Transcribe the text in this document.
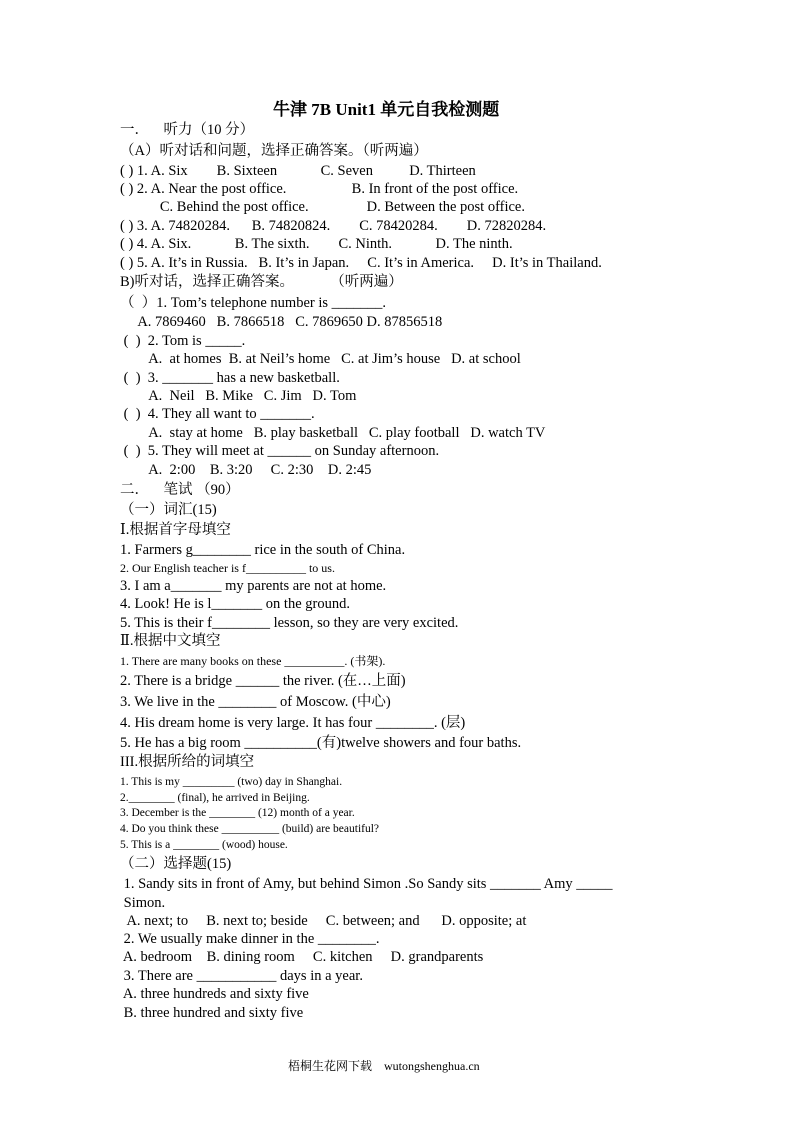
牛津 7B Unit1 单元自我检测题
一．    听力（10 分）
（A）听对话和问题，选择正确答案。（听两遍）
( ) 1. A. Six        B. Sixteen            C. Seven          D. Thirteen
( ) 2. A. Near the post office.                  B. In front of the post office.
C. Behind the post office.                D. Between the post office.
( ) 3. A. 74820284.      B. 74820824.        C. 78420284.        D. 72820284.
( ) 4. A. Six.            B. The sixth.        C. Ninth.            D. The ninth.
( ) 5. A. It’s in Russia.   B. It’s in Japan.     C. It’s in America.     D. It’s in Thailand.
B)听对话，选择正确答案。          （听两遍）
（  ）1. Tom’s telephone number is _______.
A. 7869460   B. 7866518   C. 7869650 D. 87856518
(  )  2. Tom is _____.
A.  at homes  B. at Neil’s home   C. at Jim’s house   D. at school
(  )  3. _______ has a new basketball.
A.  Neil   B. Mike   C. Jim   D. Tom
(  )  4. They all want to _______.
A.  stay at home   B. play basketball   C. play football   D. watch TV
(  )  5. They will meet at ______ on Sunday afternoon.
A.  2:00    B. 3:20     C. 2:30    D. 2:45
二．    笔试 （90）
（一）词汇(15)
Ⅰ.根据首字母填空
1. Farmers g________ rice in the south of China.
2. Our English teacher is f__________ to us.
3. I am a_______ my parents are not at home.
4. Look! He is l_______ on the ground.
5. This is their f________ lesson, so they are very excited.
Ⅱ.根据中文填空
1. There are many books on these __________. (书架).
2. There is a bridge ______ the river. (在…上面)
3. We live in the ________ of Moscow. (中心)
4. His dream home is very large. It has four ________. (层)
5. He has a big room __________(有)twelve showers and four baths.
III.根据所给的词填空
1. This is my _________ (two) day in Shanghai.
2.________ (final), he arrived in Beijing.
3. December is the ________ (12) month of a year.
4. Do you think these __________ (build) are beautiful?
5. This is a ________ (wood) house.
（二）选择题(15)
1. Sandy sits in front of Amy, but behind Simon .So Sandy sits _______ Amy _____
Simon.
A. next; to     B. next to; beside     C. between; and      D. opposite; at
2. We usually make dinner in the ________.
A. bedroom    B. dining room     C. kitchen     D. grandparents
3. There are ___________ days in a year.
A. three hundreds and sixty five
B. three hundred and sixty five
梧桐生花网下载    wutongshenghua.cn
